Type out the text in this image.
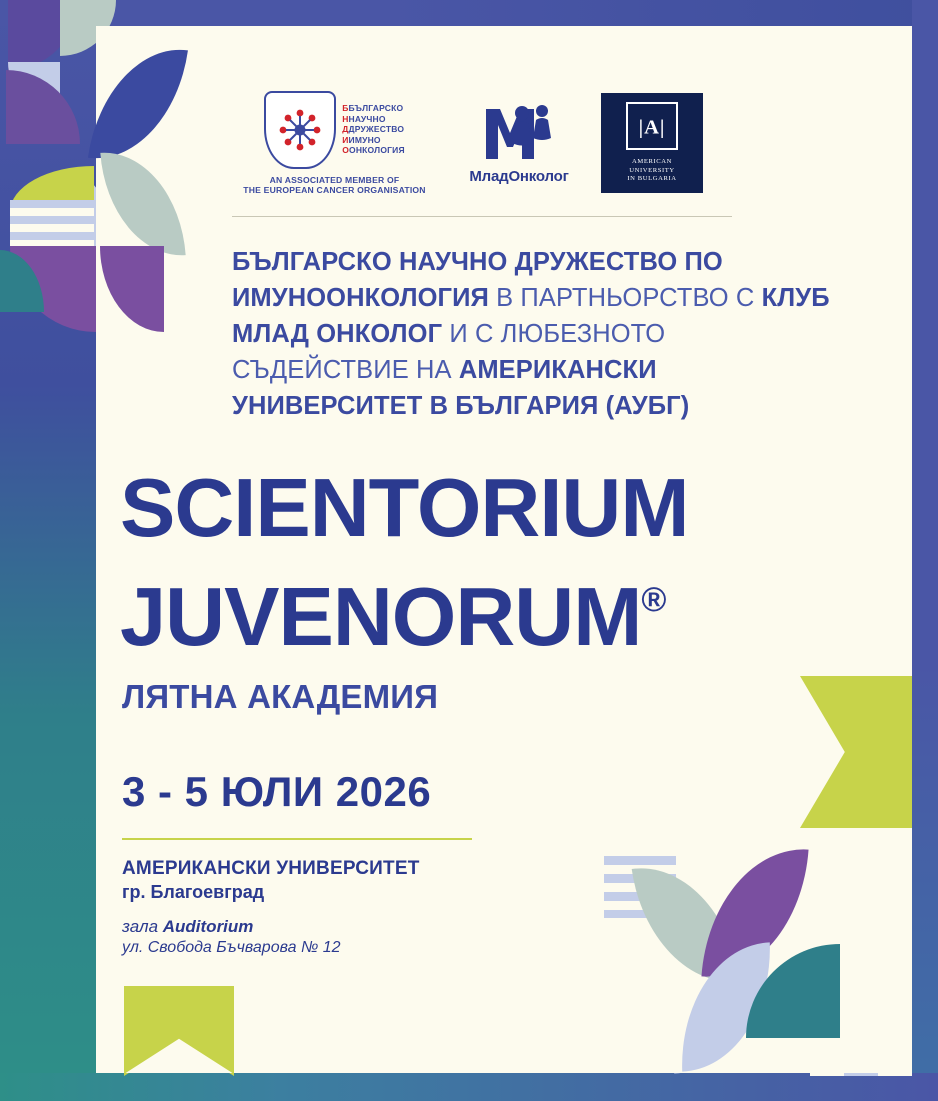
ББЪЛГАРСКО
ННАУЧНО
ДДРУЖЕСТВО
ИИМУНО
ООНКОЛОГИЯ
AN ASSOCIATED MEMBER OF
THE EUROPEAN CANCER ORGANISATION
МладОнколог
|A|
AMERICAN
UNIVERSITY
IN BULGARIA
БЪЛГАРСКО НАУЧНО ДРУЖЕСТВО ПО ИМУНООНКОЛОГИЯ В ПАРТНЬОРСТВО С КЛУБ МЛАД ОНКОЛОГ И С ЛЮБЕЗНОТО СЪДЕЙСТВИЕ НА АМЕРИКАНСКИ УНИВЕРСИТЕТ В БЪЛГАРИЯ (АУБГ)
SCIENTORIUM
JUVENORUM®
ЛЯТНА АКАДЕМИЯ
3 - 5 ЮЛИ 2026
АМЕРИКАНСКИ УНИВЕРСИТЕТ
гр. Благоевград
зала Auditorium
ул. Свобода Бъчварова № 12
